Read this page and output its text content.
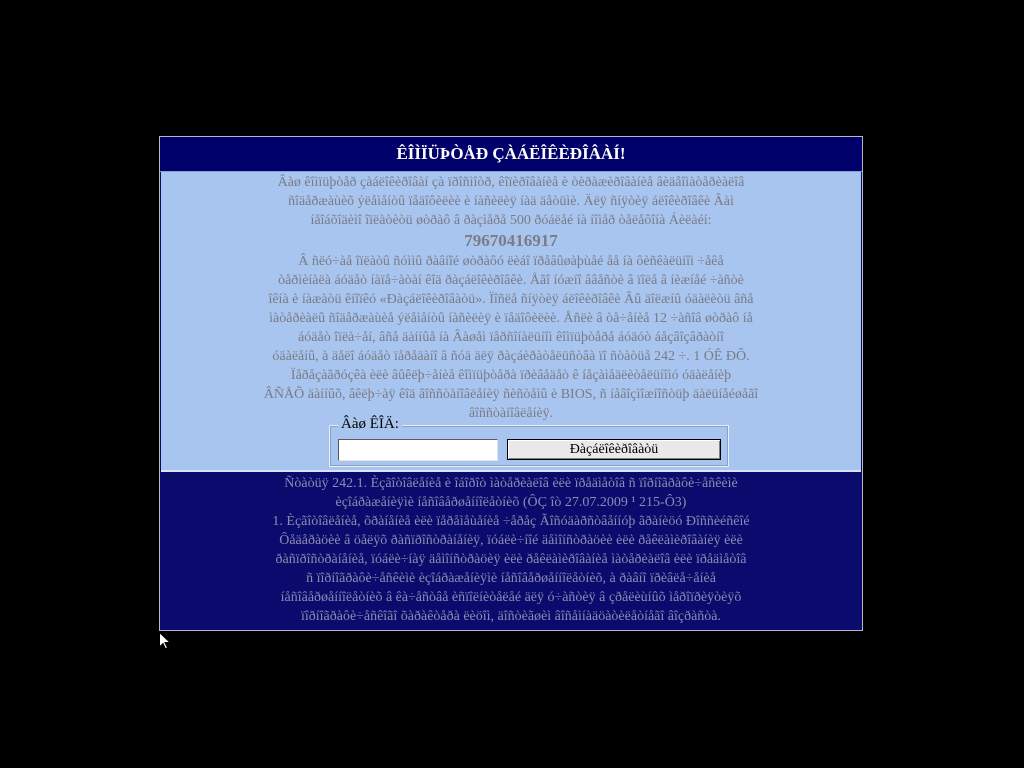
ÊÎÌÏÜÞÒÅÐ ÇÀÁËÎÊÈÐÎÂÀÍ!
Âàø êîìïüþòåð çàáëîêèðîâàí çà ïðîñìîòð, êîïèðîâàíèå è òèðàæèðîâàíèå âèäåîìàòåðèàëîâ
ñîäåðæàùèõ ýëåìåíòû ïåäîôèëèè è íàñèëèÿ íàä äåòüìè. Äëÿ ñíÿòèÿ áëîêèðîâêè Âàì
íåîáõîäèìî îïëàòèòü øòðàô â ðàçìåðå 500 ðóáëåé íà íîìåð òåëåôîíà Áèëàéí:
79670416917
Â ñëó÷àå îïëàòû ñóììû ðàâíîé øòðàôó ëèáî ïðåâûøàþùåé åå íà ôèñêàëüíîì ÷åêå
òåðìèíàëà áóäåò íàïå÷àòàí êîä ðàçáëîêèðîâêè. Åãî íóæíî ââåñòè â ïîëå â íèæíåé ÷àñòè
îêíà è íàæàòü êíîïêó «Ðàçáëîêèðîâàòü». Ïîñëå ñíÿòèÿ áëîêèðîâêè Âû äîëæíû óäàëèòü âñå
ìàòåðèàëû ñîäåðæàùèå ýëåìåíòû íàñèëèÿ è ïåäîôèëèè. Åñëè â òå÷åíèå 12 ÷àñîâ øòðàô íå
áóäåò îïëà÷åí, âñå äàííûå íà Âàøåì ïåðñîíàëüíîì êîìïüþòåðå áóäóò áåçâîçâðàòíî
óäàëåíû, à äåëî áóäåò ïåðåäàíî â ñóä äëÿ ðàçáèðàòåëüñòâà ïî ñòàòüå 242 ÷. 1 ÓÊ ÐÔ.
Ïåðåçàãðóçêà èëè âûêëþ÷åíèå êîìïüþòåðà ïðèâåäåò ê íåçàìåäëèòåëüíîìó óäàëåíèþ
ÂÑÅÕ äàííûõ, âêëþ÷àÿ êîä âîññòàíîâëåíèÿ ñèñòåìû è BIOS, ñ íåâîçìîæíîñòüþ äàëüíåéøåãî
âîññòàíîâëåíèÿ.
Âàø ÊÎÄ:
Ðàçáëîêèðîâàòü
Ñòàòüÿ 242.1. Èçãîòîâëåíèå è îáîðîò ìàòåðèàëîâ èëè ïðåäìåòîâ ñ ïîðíîãðàôè÷åñêèìè
èçîáðàæåíèÿìè íåñîâåðøåííîëåòíèõ (ÔÇ îò 27.07.2009 ¹ 215-Ô3)
1. Èçãîòîâëåíèå, õðàíåíèå èëè ïåðåìåùåíèå ÷åðåç Ãîñóäàðñòâåííóþ ãðàíèöó Ðîññèéñêîé
Ôåäåðàöèè â öåëÿõ ðàñïðîñòðàíåíèÿ, ïóáëè÷íîé äåìîíñòðàöèè èëè ðåêëàìèðîâàíèÿ èëè
ðàñïðîñòðàíåíèå, ïóáëè÷íàÿ äåìîíñòðàöèÿ èëè ðåêëàìèðîâàíèå ìàòåðèàëîâ èëè ïðåäìåòîâ
ñ ïîðíîãðàôè÷åñêèìè èçîáðàæåíèÿìè íåñîâåðøåííîëåòíèõ, à ðàâíî ïðèâëå÷åíèå
íåñîâåðøåííîëåòíèõ â êà÷åñòâå èñïîëíèòåëåé äëÿ ó÷àñòèÿ â çðåëèùíûõ ìåðîïðèÿòèÿõ
ïîðíîãðàôè÷åñêîãî õàðàêòåðà ëèöîì, äîñòèãøèì âîñåìíàäöàòèëåòíåãî âîçðàñòà.
